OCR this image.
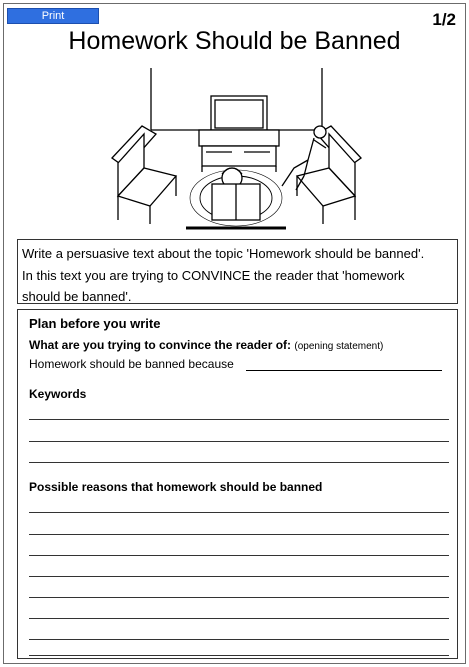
Print	1/2
Homework Should be Banned
Write a persuasive text about the topic 'Homework should be banned'.
In this text you are trying to CONVINCE the reader that 'homework
should be banned'.
Plan before you write
What are you trying to convince the reader of: (opening statement)
Homework should be banned because
Keywords
Possible reasons that homework should be banned
